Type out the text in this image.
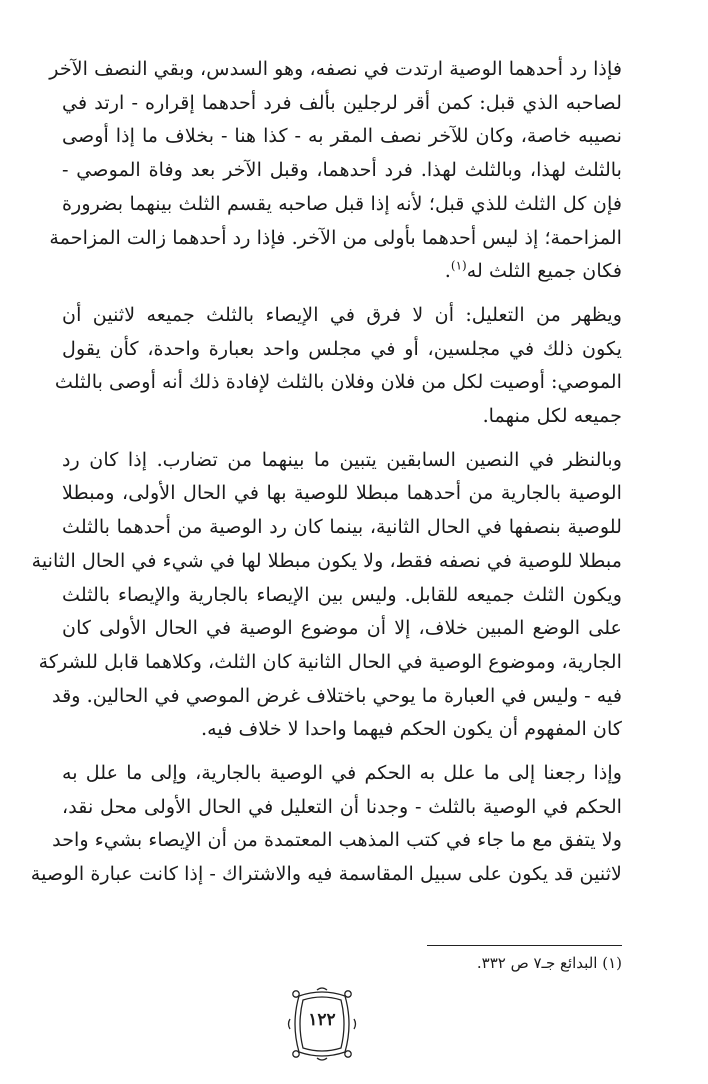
فإذا رد أحدهما الوصية ارتدت في نصفه، وهو السدس، وبقي النصف الآخر
لصاحبه الذي قبل: كمن أقر لرجلين بألف فرد أحدهما إقراره - ارتد في
نصيبه خاصة، وكان للآخر نصف المقر به - كذا هنا - بخلاف ما إذا أوصى
بالثلث لهذا، وبالثلث لهذا. فرد أحدهما، وقبل الآخر بعد وفاة الموصي -
فإن كل الثلث للذي قبل؛ لأنه إذا قبل صاحبه يقسم الثلث بينهما بضرورة
المزاحمة؛ إذ ليس أحدهما بأولى من الآخر. فإذا رد أحدهما زالت المزاحمة
فكان جميع الثلث له$^{(١)}$.

ويظهر من التعليل: أن لا فرق في الإيصاء بالثلث جميعه لاثنين أن
يكون ذلك في مجلسين، أو في مجلس واحد بعبارة واحدة، كأن يقول
الموصي: أوصيت لكل من فلان وفلان بالثلث لإفادة ذلك أنه أوصى بالثلث
جميعه لكل منهما.

وبالنظر في النصين السابقين يتبين ما بينهما من تضارب. إذا كان رد
الوصية بالجارية من أحدهما مبطلا للوصية بها في الحال الأولى، ومبطلا
للوصية بنصفها في الحال الثانية، بينما كان رد الوصية من أحدهما بالثلث
مبطلا للوصية في نصفه فقط، ولا يكون مبطلا لها في شيء في الحال الثانية
ويكون الثلث جميعه للقابل. وليس بين الإيصاء بالجارية والإيصاء بالثلث
على الوضع المبين خلاف، إلا أن موضوع الوصية في الحال الأولى كان
الجارية، وموضوع الوصية في الحال الثانية كان الثلث، وكلاهما قابل للشركة
فيه - وليس في العبارة ما يوحي باختلاف غرض الموصي في الحالين. وقد
كان المفهوم أن يكون الحكم فيهما واحدا لا خلاف فيه.

وإذا رجعنا إلى ما علل به الحكم في الوصية بالجارية، وإلى ما علل به
الحكم في الوصية بالثلث - وجدنا أن التعليل في الحال الأولى محل نقد،
ولا يتفق مع ما جاء في كتب المذهب المعتمدة من أن الإيصاء بشيء واحد
لاثنين قد يكون على سبيل المقاسمة فيه والاشتراك - إذا كانت عبارة الوصية

(١) البدائع جـ٧ ص ٣٣٢.
١٢٢
